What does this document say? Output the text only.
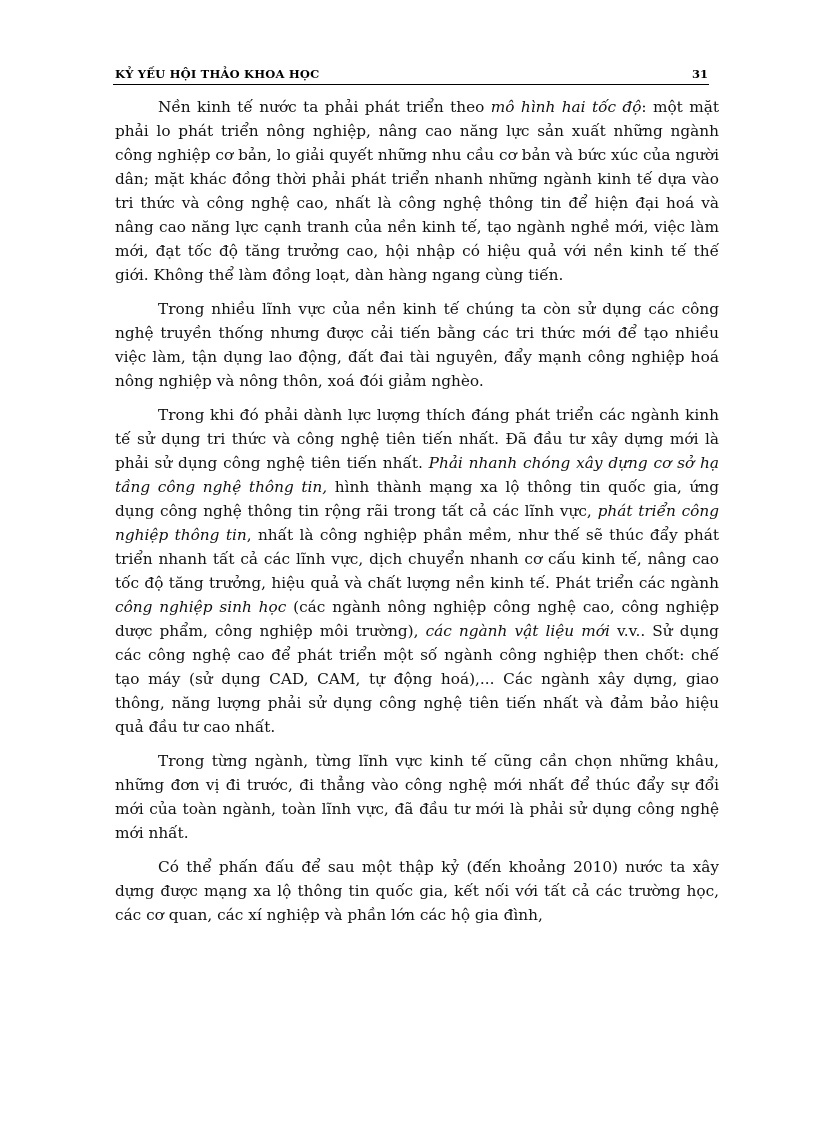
KỶ YẾU HỘI THẢO KHOA HỌC	31

Nền kinh tế nước ta phải phát triển theo mô hình hai tốc độ: một mặt phải lo phát triển nông nghiệp, nâng cao năng lực sản xuất những ngành công nghiệp cơ bản, lo giải quyết những nhu cầu cơ bản và bức xúc của người dân; mặt khác đồng thời phải phát triển nhanh những ngành kinh tế dựa vào tri thức và công nghệ cao, nhất là công nghệ thông tin để hiện đại hoá và nâng cao năng lực cạnh tranh của nền kinh tế, tạo ngành nghề mới, việc làm mới, đạt tốc độ tăng trưởng cao, hội nhập có hiệu quả với nền kinh tế thế giới. Không thể làm đồng loạt, dàn hàng ngang cùng tiến.

Trong nhiều lĩnh vực của nền kinh tế chúng ta còn sử dụng các công nghệ truyền thống nhưng được cải tiến bằng các tri thức mới để tạo nhiều việc làm, tận dụng lao động, đất đai tài nguyên, đẩy mạnh công nghiệp hoá nông nghiệp và nông thôn, xoá đói giảm nghèo.

Trong khi đó phải dành lực lượng thích đáng phát triển các ngành kinh tế sử dụng tri thức và công nghệ tiên tiến nhất. Đã đầu tư xây dựng mới là phải sử dụng công nghệ tiên tiến nhất. Phải nhanh chóng xây dựng cơ sở hạ tầng công nghệ thông tin, hình thành mạng xa lộ thông tin quốc gia, ứng dụng công nghệ thông tin rộng rãi trong tất cả các lĩnh vực, phát triển công nghiệp thông tin, nhất là công nghiệp phần mềm, như thế sẽ thúc đẩy phát triển nhanh tất cả các lĩnh vực, dịch chuyển nhanh cơ cấu kinh tế, nâng cao tốc độ tăng trưởng, hiệu quả và chất lượng nền kinh tế. Phát triển các ngành công nghiệp sinh học (các ngành nông nghiệp công nghệ cao, công nghiệp dược phẩm, công nghiệp môi trường), các ngành vật liệu mới v.v.. Sử dụng các công nghệ cao để phát triển một số ngành công nghiệp then chốt: chế tạo máy (sử dụng CAD, CAM, tự động hoá),... Các ngành xây dựng, giao thông, năng lượng phải sử dụng công nghệ tiên tiến nhất và đảm bảo hiệu quả đầu tư cao nhất.

Trong từng ngành, từng lĩnh vực kinh tế cũng cần chọn những khâu, những đơn vị đi trước, đi thẳng vào công nghệ mới nhất để thúc đẩy sự đổi mới của toàn ngành, toàn lĩnh vực, đã đầu tư mới là phải sử dụng công nghệ mới nhất.

Có thể phấn đấu để sau một thập kỷ (đến khoảng 2010) nước ta xây dựng được mạng xa lộ thông tin quốc gia, kết nối với tất cả các trường học, các cơ quan, các xí nghiệp và phần lớn các hộ gia đình,
